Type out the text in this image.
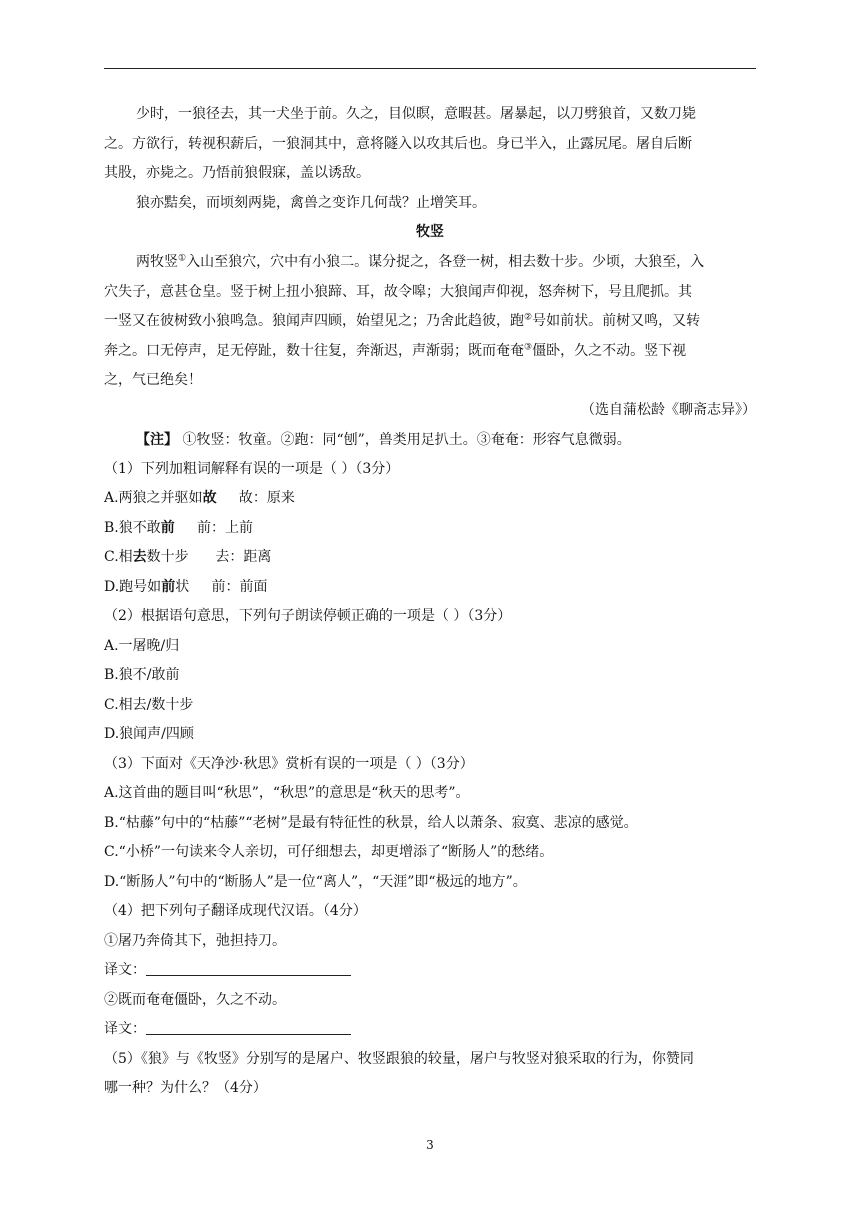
少时，一狼径去，其一犬坐于前。久之，目似瞑，意暇甚。屠暴起，以刀劈狼首，又数刀毙
之。方欲行，转视积薪后，一狼洞其中，意将隧入以攻其后也。身已半入，止露尻尾。屠自后断
其股，亦毙之。乃悟前狼假寐，盖以诱敌。
狼亦黠矣，而顷刻两毙，禽兽之变诈几何哉？止增笑耳。
牧竖
两牧竖①入山至狼穴，穴中有小狼二。谋分捉之，各登一树，相去数十步。少顷，大狼至，入
穴失子，意甚仓皇。竖于树上扭小狼蹄、耳，故令嗥；大狼闻声仰视，怒奔树下，号且爬抓。其
一竖又在彼树致小狼鸣急。狼闻声四顾，始望见之；乃舍此趋彼，跑②号如前状。前树又鸣，又转
奔之。口无停声，足无停趾，数十往复，奔渐迟，声渐弱；既而奄奄③僵卧，久之不动。竖下视
之，气已绝矣！
（选自蒲松龄《聊斋志异》）
【注】 ①牧竖：牧童。②跑：同“刨”，兽类用足扒土。③奄奄：形容气息微弱。
（1）下列加粗词解释有误的一项是（ ）（3分）
A.两狼之并驱如故     故：原来
B.狼不敢前     前：上前
C.相去数十步      去：距离
D.跑号如前状     前：前面
（2）根据语句意思，下列句子朗读停顿正确的一项是（ ）（3分）
A.一屠晚/归
B.狼不/敢前
C.相去/数十步
D.狼闻声/四顾
（3）下面对《天净沙·秋思》赏析有误的一项是（ ）（3分）
A.这首曲的题目叫“秋思”，“秋思”的意思是“秋天的思考”。
B.“枯藤”句中的“枯藤”“老树”是最有特征性的秋景，给人以萧条、寂寞、悲凉的感觉。
C.“小桥”一句读来令人亲切，可仔细想去，却更增添了“断肠人”的愁绪。
D.“断肠人”句中的“断肠人”是一位“离人”，“天涯”即“极远的地方”。
（4）把下列句子翻译成现代汉语。（4分）
①屠乃奔倚其下，弛担持刀。
译文：
②既而奄奄僵卧，久之不动。
译文：
（5）《狼》与《牧竖》分别写的是屠户、牧竖跟狼的较量，屠户与牧竖对狼采取的行为，你赞同
哪一种？为什么？（4分）
3
